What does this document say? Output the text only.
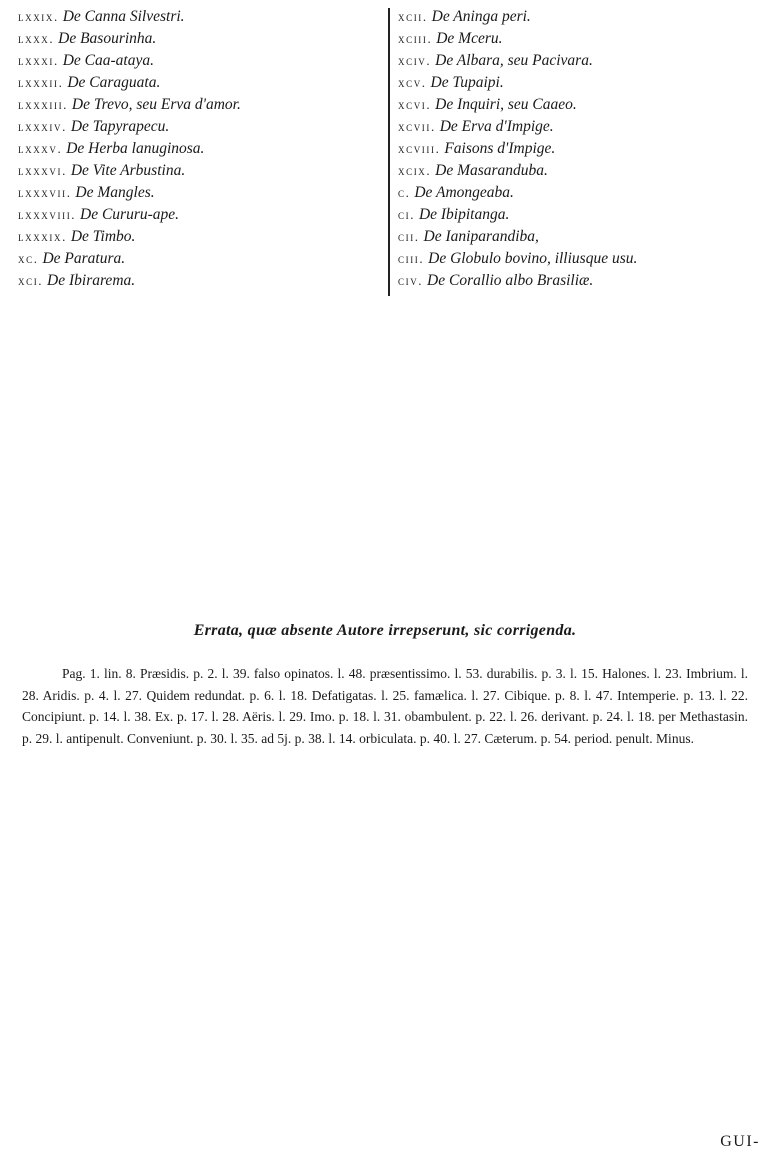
lxxix. De Canna Silvestri.
lxxx. De Basourinha.
lxxxi. De Caa-ataya.
lxxxii. De Caraguata.
lxxxiii. De Trevo, seu Erva d'amor.
lxxxiv. De Tapyrapecu.
lxxxv. De Herba lanuginosa.
lxxxvi. De Vite Arbustina.
lxxxvii. De Mangles.
lxxxviii. De Cururu-ape.
lxxxix. De Timbo.
xc. De Paratura.
xci. De Ibirarema.
xcii. De Aninga peri.
xciii. De Mceru.
xciv. De Albara, seu Pacivara.
xcv. De Tupaipi.
xcvi. De Inquiri, seu Caaeo.
xcvii. De Erva d'Impige.
xcviii. Faisons d'Impige.
xcix. De Masaranduba.
c. De Amongeaba.
ci. De Ibipitanga.
cii. De Ianiparandiba,
ciii. De Globulo bovino, illiusque usu.
civ. De Corallio albo Brasiliæ.
Errata, quæ absente Autore irrepserunt, sic corrigenda.

Pag. 1. lin. 8. Præsidis. p. 2. l. 39. falso opinatos. l. 48. præsentissimo. l. 53. durabilis. p. 3. l. 15. Halones. l. 23. Imbrium. l. 28. Aridis. p. 4. l. 27. Quidem redundat. p. 6. l. 18. Defatigatas. l. 25. famælica. l. 27. Cibique. p. 8. l. 47. Intemperie. p. 13. l. 22. Concipiunt. p. 14. l. 38. Ex. p. 17. l. 28. Aëris. l. 29. Imo. p. 18. l. 31. obambulent. p. 22. l. 26. derivant. p. 24. l. 18. per Methastasin. p. 29. l. antipenult. Conveniunt. p. 30. l. 35. ad 5j. p. 38. l. 14. orbiculata. p. 40. l. 27. Cæterum. p. 54. period. penult. Minus.

GUI-
